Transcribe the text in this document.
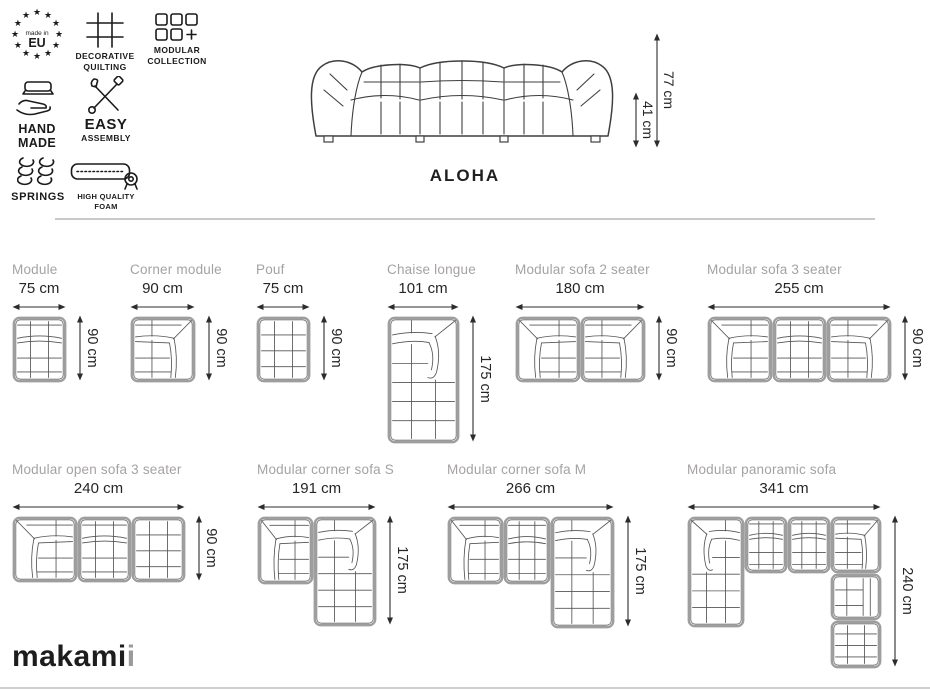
made in
EU
★ ★
★
★
★
★
★
★
★
★
★
★
DECORATIVE
QUILTING
MODULAR
COLLECTION
HAND
MADE
EASY
ASSEMBLY
SPRINGS	HIGH QUALITY
FOAM
41 cm
77 cm
ALOHA
Module
75 cm
90 cm
Corner module
90 cm
90 cm
Pouf
75 cm
90 cm
Chaise longue
101 cm
175 cm
Modular sofa 2 seater
180 cm
90 cm
Modular sofa 3 seater
255 cm
90 cm
Modular open sofa 3 seater
240 cm
90 cm
Modular corner sofa S
191 cm
175 cm
Modular corner sofa M
266 cm
175 cm
Modular panoramic sofa
341 cm
240 cm
makamii
